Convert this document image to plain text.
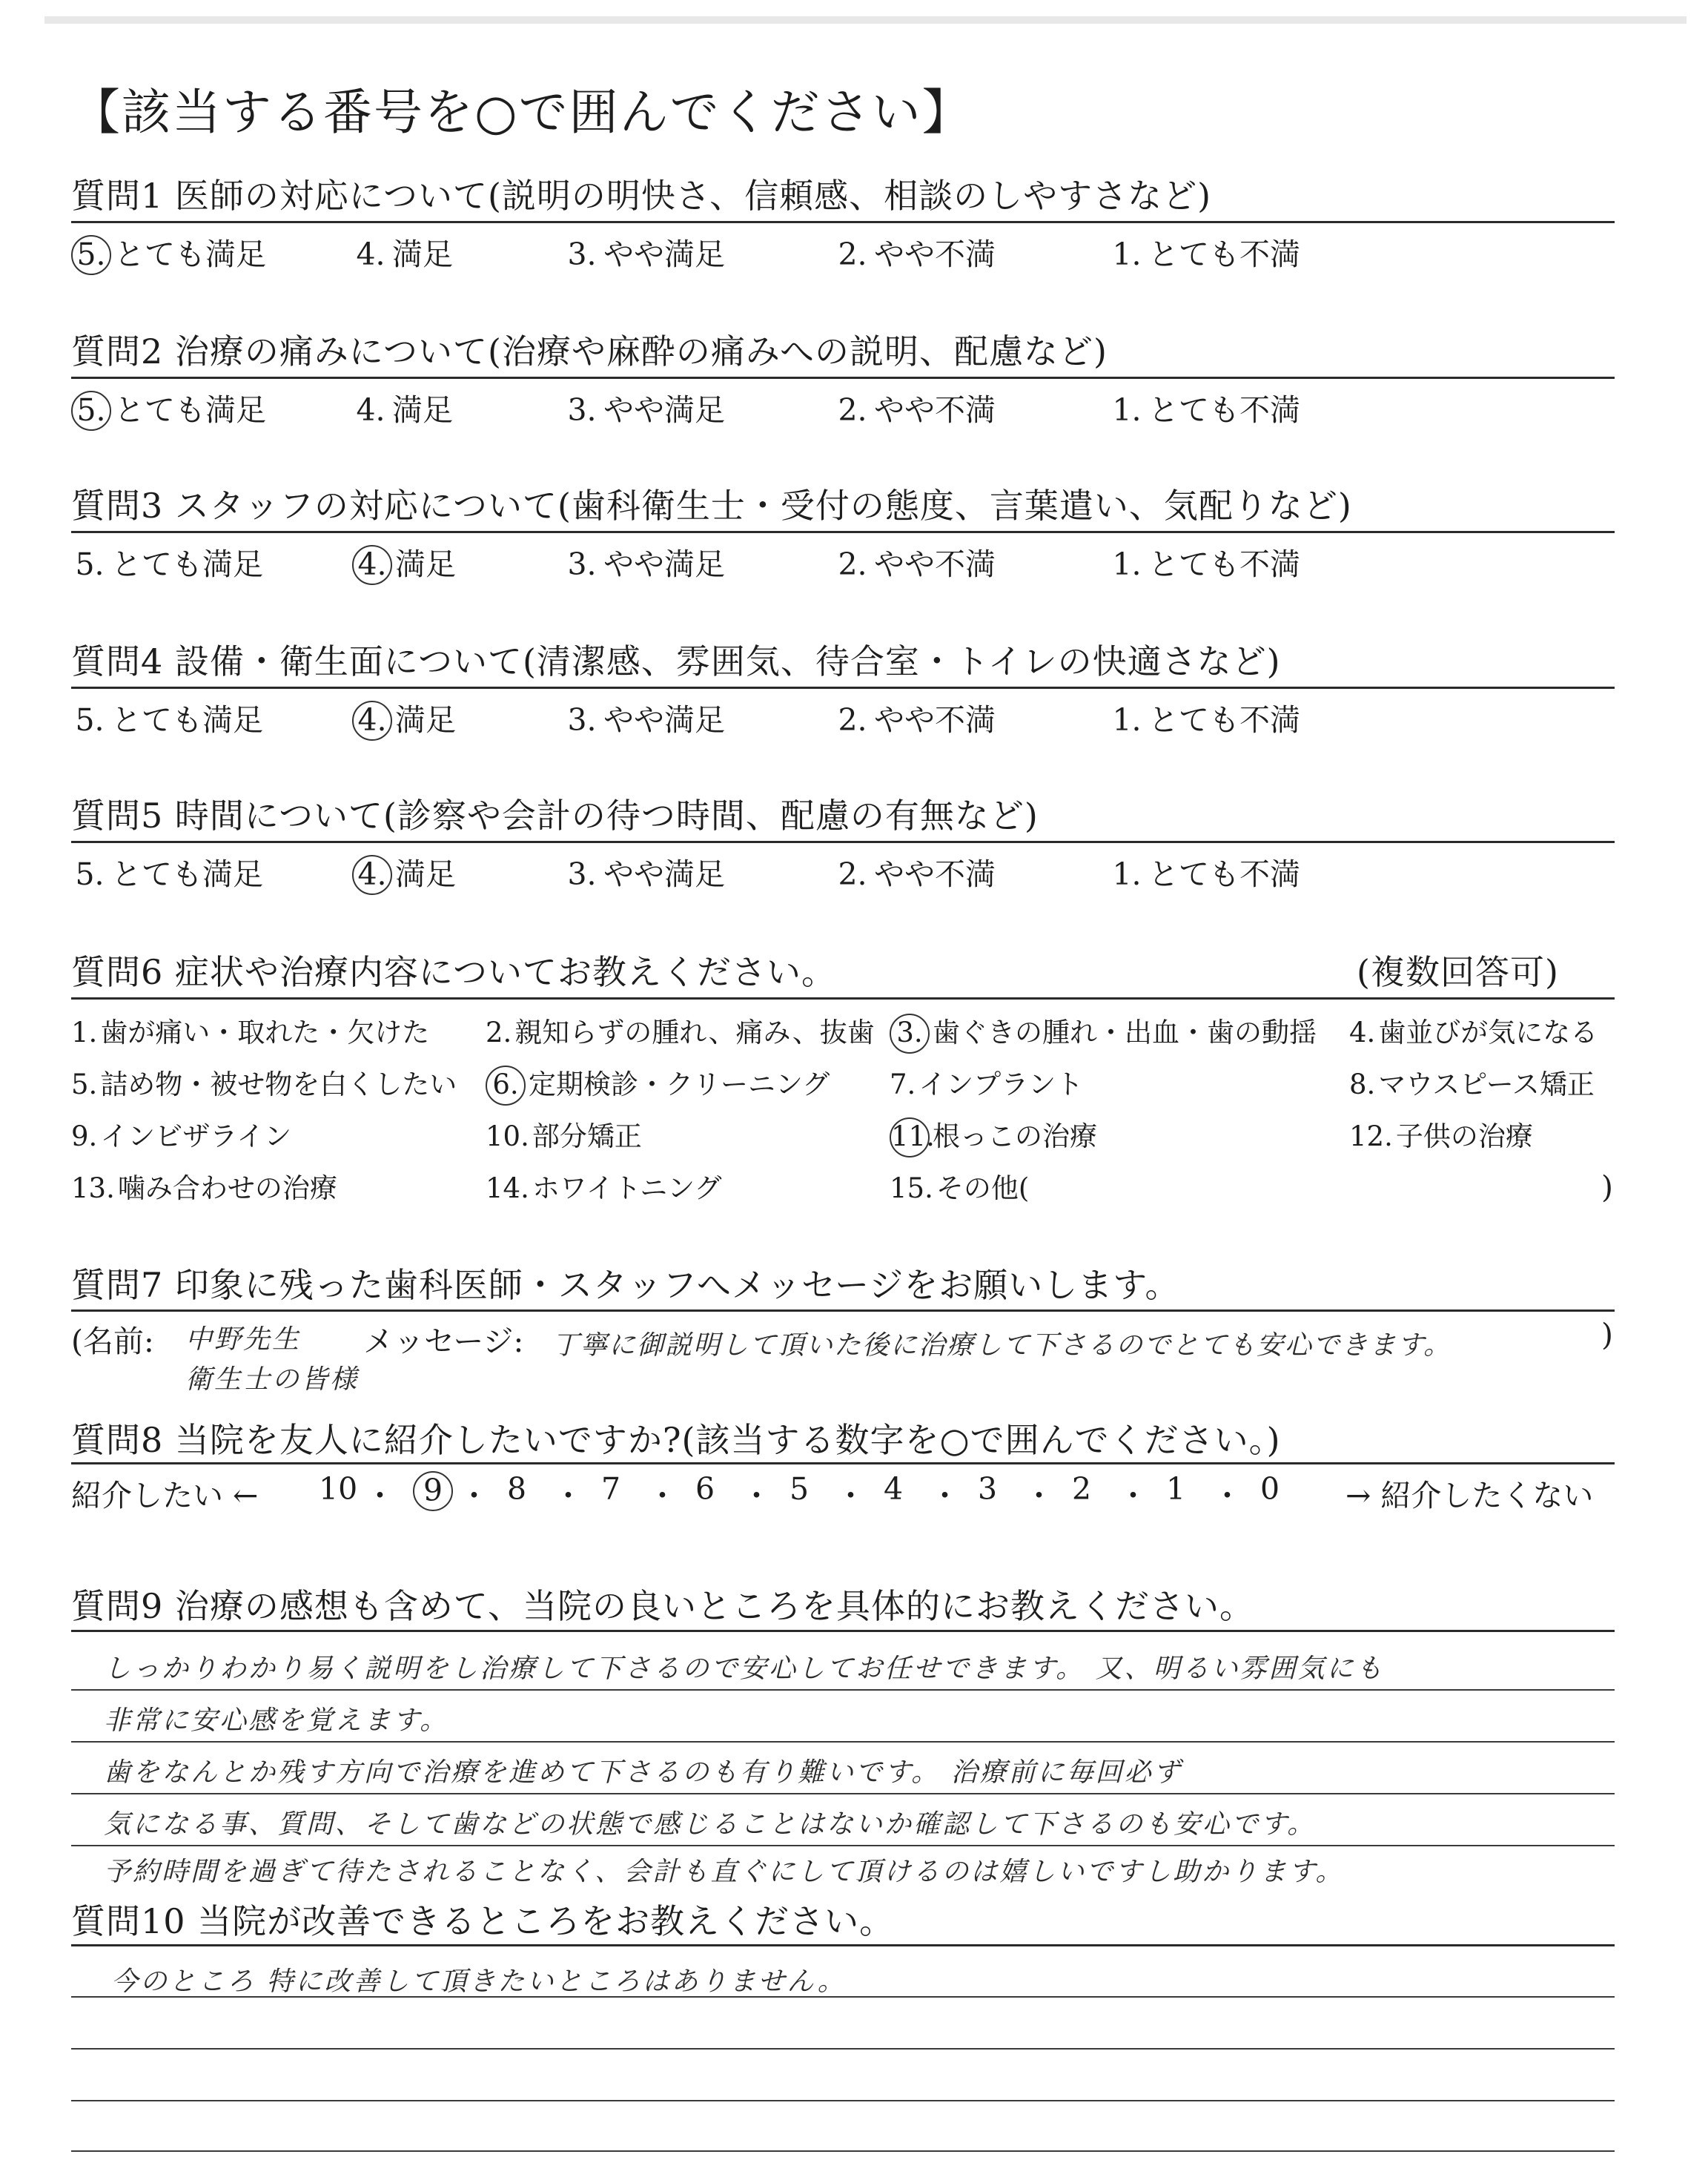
【該当する番号を○で囲んでください】
質問1 医師の対応について(説明の明快さ、信頼感、相談のしやすさなど)
質問2 治療の痛みについて(治療や麻酔の痛みへの説明、配慮など)
質問3 スタッフの対応について(歯科衛生士・受付の態度、言葉遣い、気配りなど)
質問4 設備・衛生面について(清潔感、雰囲気、待合室・トイレの快適さなど)
質問5 時間について(診察や会計の待つ時間、配慮の有無など)
質問6 症状や治療内容についてお教えください。	(複数回答可)
)
質問7 印象に残った歯科医師・スタッフへメッセージをお願いします。
(名前: 中野先生
衛生士の皆様
メッセージ: 丁寧に御説明して頂いた後に治療して下さるのでとても安心できます。	)
質問8 当院を友人に紹介したいですか?(該当する数字を○で囲んでください。)
紹介したい ←	→ 紹介したくない
質問9 治療の感想も含めて、当院の良いところを具体的にお教えください。
質問10 当院が改善できるところをお教えください。
5. とても満足	4. 満足	3. やや満足	2. やや不満	1. とても不満
5. とても満足	4. 満足	3. やや満足	2. やや不満	1. とても不満
5. とても満足	4. 満足	3. やや満足	2. やや不満	1. とても不満
5. とても満足	4. 満足	3. やや満足	2. やや不満	1. とても不満
5. とても満足	4. 満足	3. やや満足	2. やや不満	1. とても不満
1. 歯が痛い・取れた・欠けた 2. 親知らずの腫れ、痛み、抜歯 3. 歯ぐきの腫れ・出血・歯の動揺 4. 歯並びが気になる
5. 詰め物・被せ物を白くしたい 6. 定期検診・クリーニング 7. インプラント	8. マウスピース矯正
9. インビザライン	10. 部分矯正	11.根っこの治療	12. 子供の治療
13. 噛み合わせの治療	14. ホワイトニング	15. その他(
10 ・ 9 ・ 8 ・ 7 ・ 6 ・ 5 ・ 4 ・ 3 ・ 2 ・ 1 ・ 0
しっかりわかり易く説明をし治療して下さるので安心してお任せできます。 又、明るい雰囲気にも
非常に安心感を覚えます。
歯をなんとか残す方向で治療を進めて下さるのも有り難いです。 治療前に毎回必ず
気になる事、質問、そして歯などの状態で感じることはないか確認して下さるのも安心です。
予約時間を過ぎて待たされることなく、会計も直ぐにして頂けるのは嬉しいですし助かります。
今のところ 特に改善して頂きたいところはありません。
